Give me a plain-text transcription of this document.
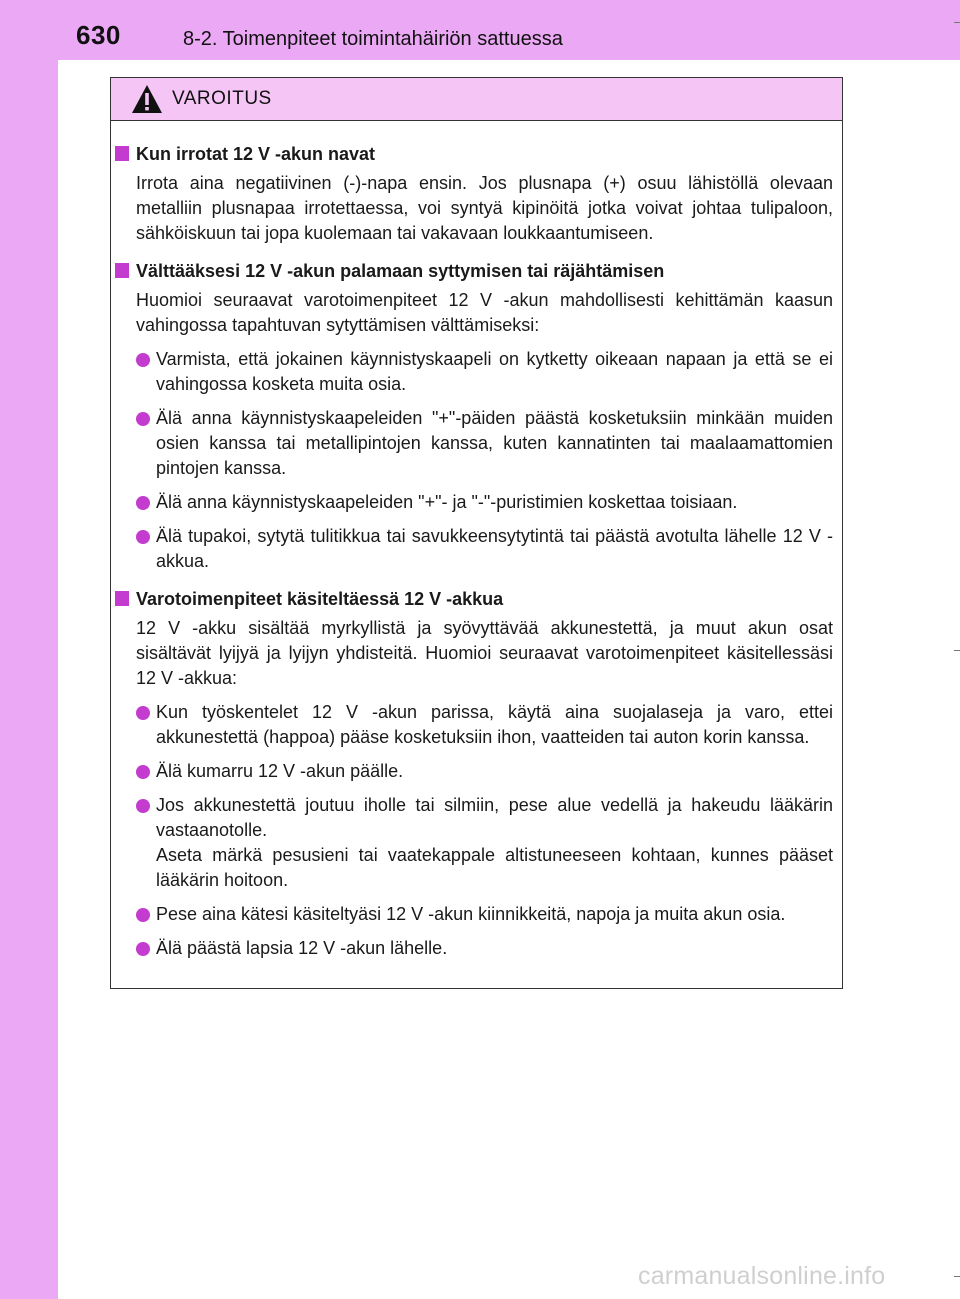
630	8-2. Toimenpiteet toimintahäiriön sattuessa
VAROITUS
Kun irrotat 12 V -akun navat
Irrota aina negatiivinen (-)-napa ensin. Jos plusnapa (+) osuu lähistöllä olevaan metalliin plusnapaa irrotettaessa, voi syntyä kipinöitä jotka voivat johtaa tulipaloon, sähköiskuun tai jopa kuolemaan tai vakavaan loukkaantumiseen.
Välttääksesi 12 V -akun palamaan syttymisen tai räjähtämisen
Huomioi seuraavat varotoimenpiteet 12 V -akun mahdollisesti kehittämän kaasun vahingossa tapahtuvan sytyttämisen välttämiseksi:
Varmista, että jokainen käynnistyskaapeli on kytketty oikeaan napaan ja että se ei vahingossa kosketa muita osia.
Älä anna käynnistyskaapeleiden "+"-päiden päästä kosketuksiin minkään muiden osien kanssa tai metallipintojen kanssa, kuten kannatinten tai maalaamattomien pintojen kanssa.
Älä anna käynnistyskaapeleiden "+"- ja "-"-puristimien koskettaa toisiaan.
Älä tupakoi, sytytä tulitikkua tai savukkeensytytintä tai päästä avotulta lähelle 12 V -akkua.
Varotoimenpiteet käsiteltäessä 12 V -akkua
12 V -akku sisältää myrkyllistä ja syövyttävää akkunestettä, ja muut akun osat sisältävät lyijyä ja lyijyn yhdisteitä. Huomioi seuraavat varotoimenpiteet käsitellessäsi 12 V -akkua:
Kun työskentelet 12 V -akun parissa, käytä aina suojalaseja ja varo, ettei akkunestettä (happoa) pääse kosketuksiin ihon, vaatteiden tai auton korin kanssa.
Älä kumarru 12 V -akun päälle.
Jos akkunestettä joutuu iholle tai silmiin, pese alue vedellä ja hakeudu lääkärin vastaanotolle.
Aseta märkä pesusieni tai vaatekappale altistuneeseen kohtaan, kunnes pääset lääkärin hoitoon.
Pese aina kätesi käsiteltyäsi 12 V -akun kiinnikkeitä, napoja ja muita akun osia.
Älä päästä lapsia 12 V -akun lähelle.
carmanualsonline.info
